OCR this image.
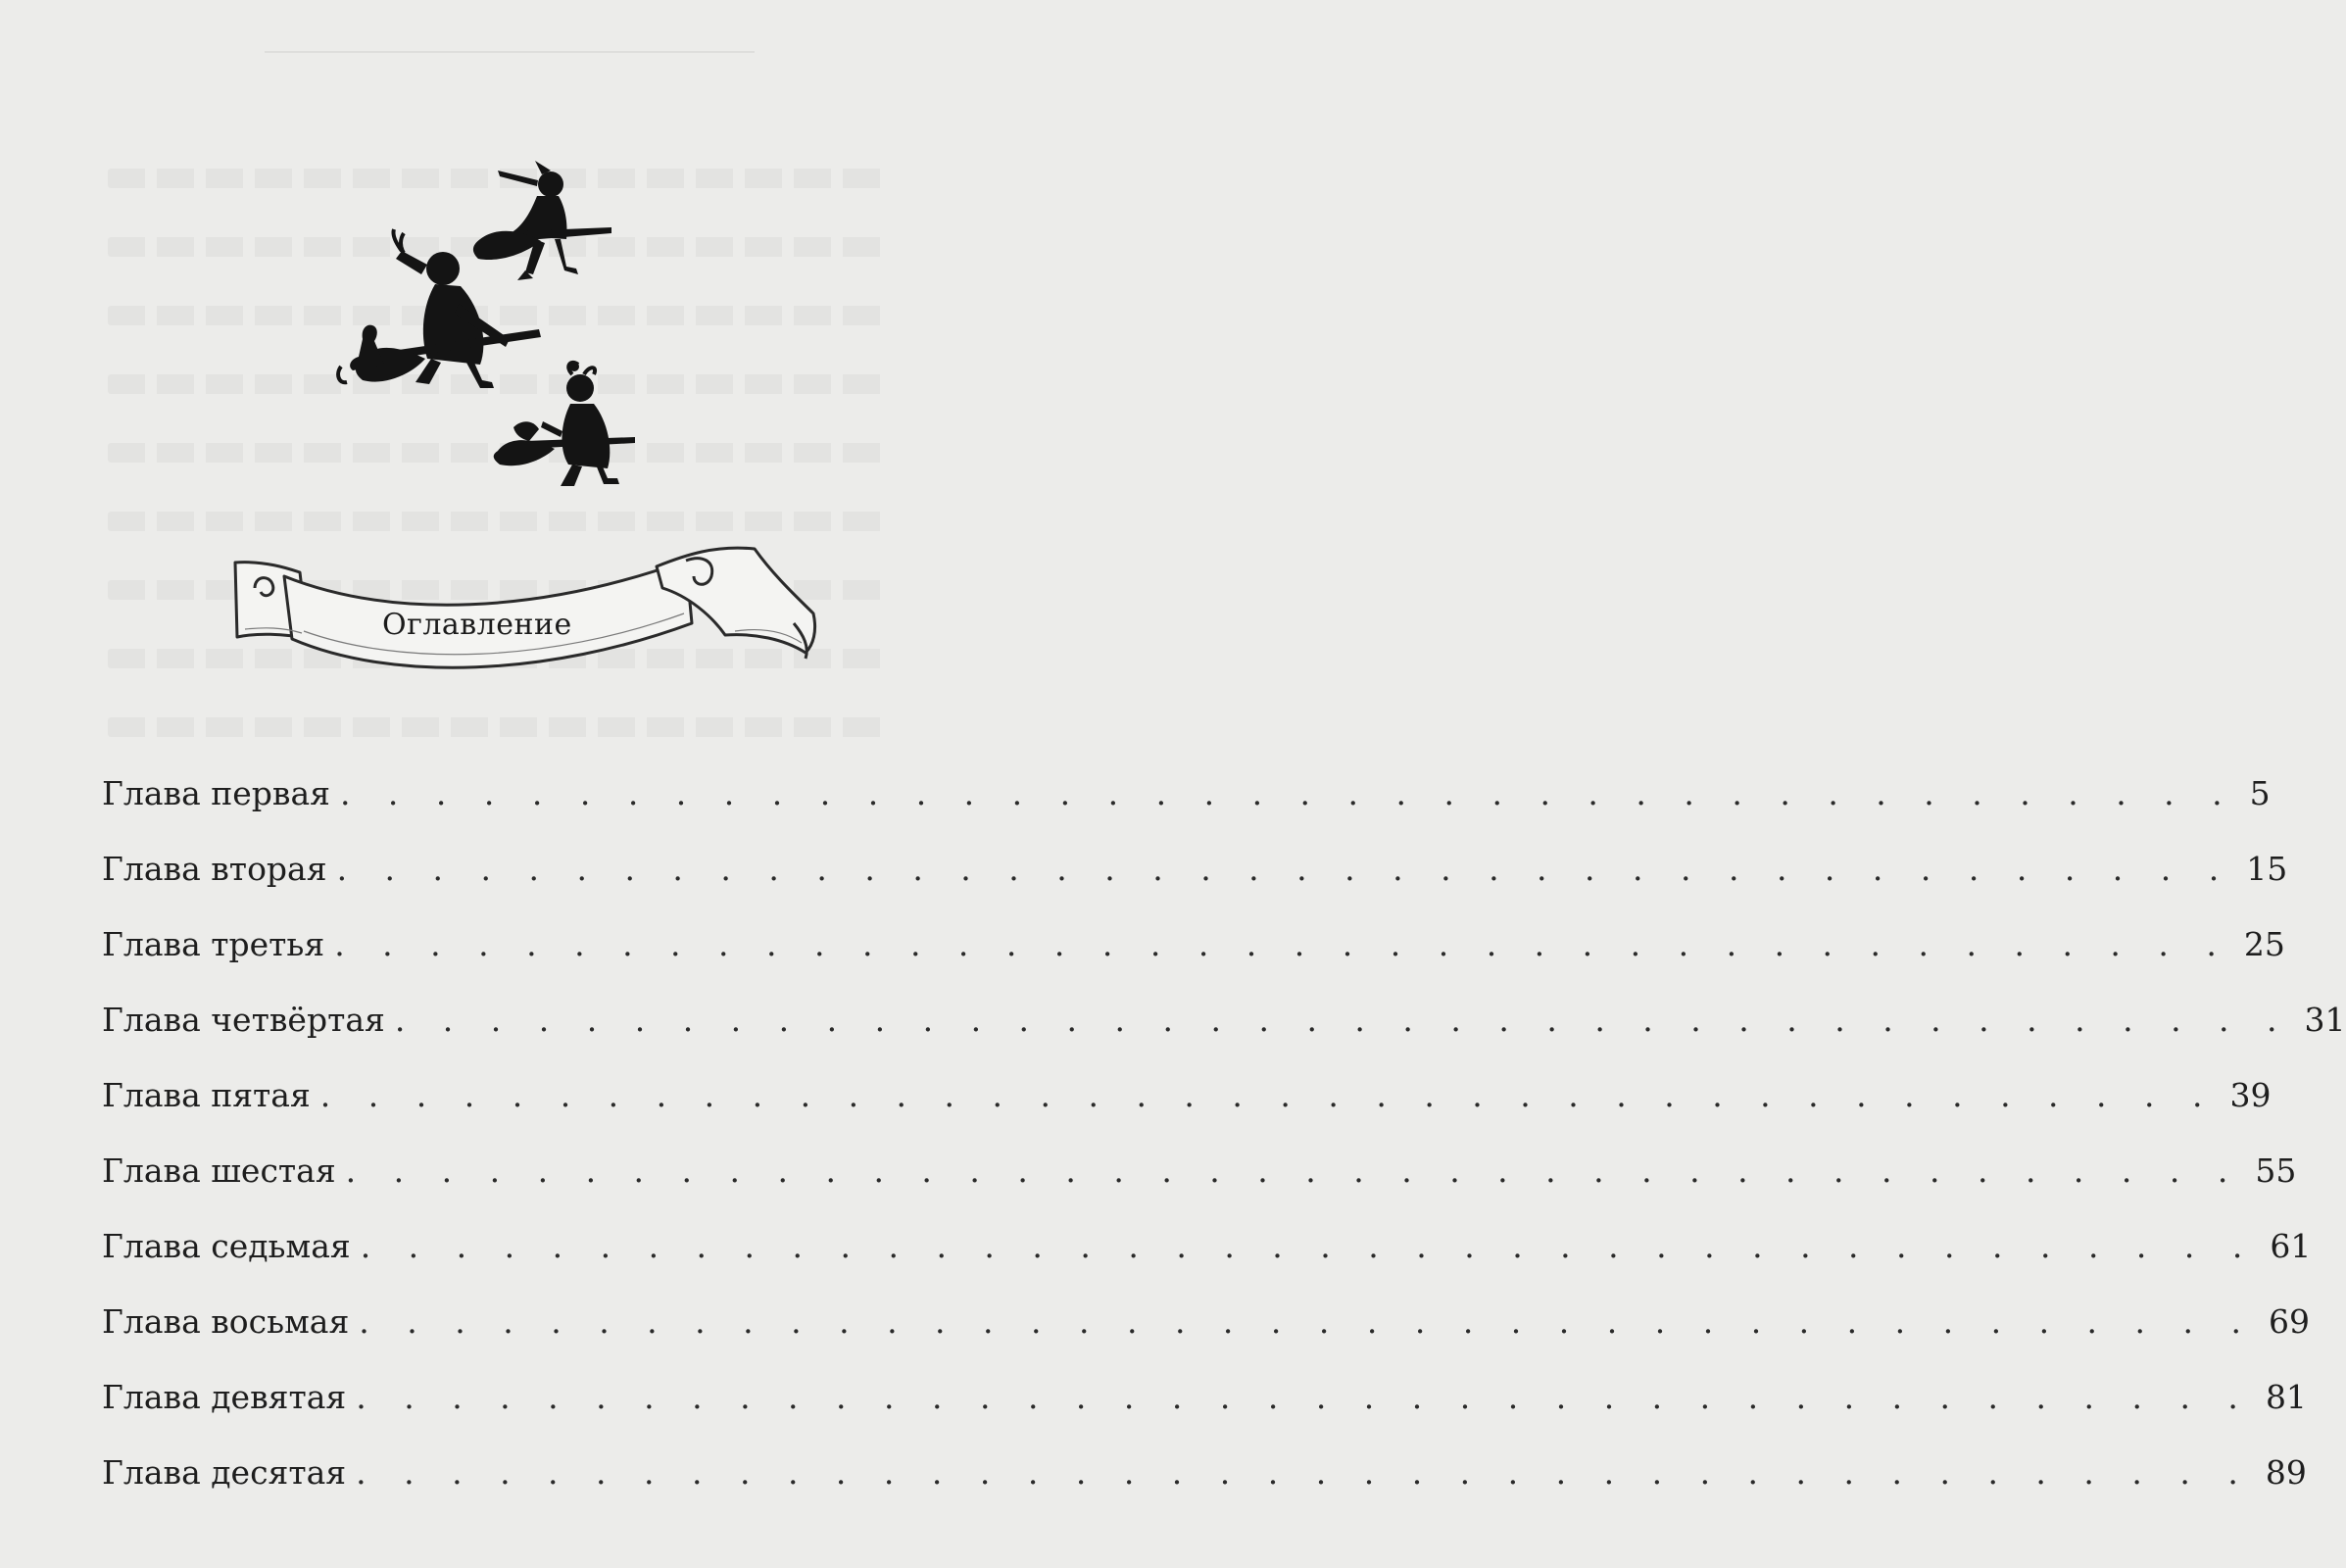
Оглавление
Глава первая . . . . . . . . . . . . . . . . . . . . . . . . . . . . . . . . . . . . . . . . 5
Глава вторая . . . . . . . . . . . . . . . . . . . . . . . . . . . . . . . . . . . . . . . . 15
Глава третья . . . . . . . . . . . . . . . . . . . . . . . . . . . . . . . . . . . . . . . . 25
Глава четвёртая . . . . . . . . . . . . . . . . . . . . . . . . . . . . . . . . . . . . . . . . 31
Глава пятая . . . . . . . . . . . . . . . . . . . . . . . . . . . . . . . . . . . . . . . . 39
Глава шестая . . . . . . . . . . . . . . . . . . . . . . . . . . . . . . . . . . . . . . . . 55
Глава седьмая . . . . . . . . . . . . . . . . . . . . . . . . . . . . . . . . . . . . . . . . 61
Глава восьмая . . . . . . . . . . . . . . . . . . . . . . . . . . . . . . . . . . . . . . . . 69
Глава девятая . . . . . . . . . . . . . . . . . . . . . . . . . . . . . . . . . . . . . . . . 81
Глава десятая . . . . . . . . . . . . . . . . . . . . . . . . . . . . . . . . . . . . . . . . 89
